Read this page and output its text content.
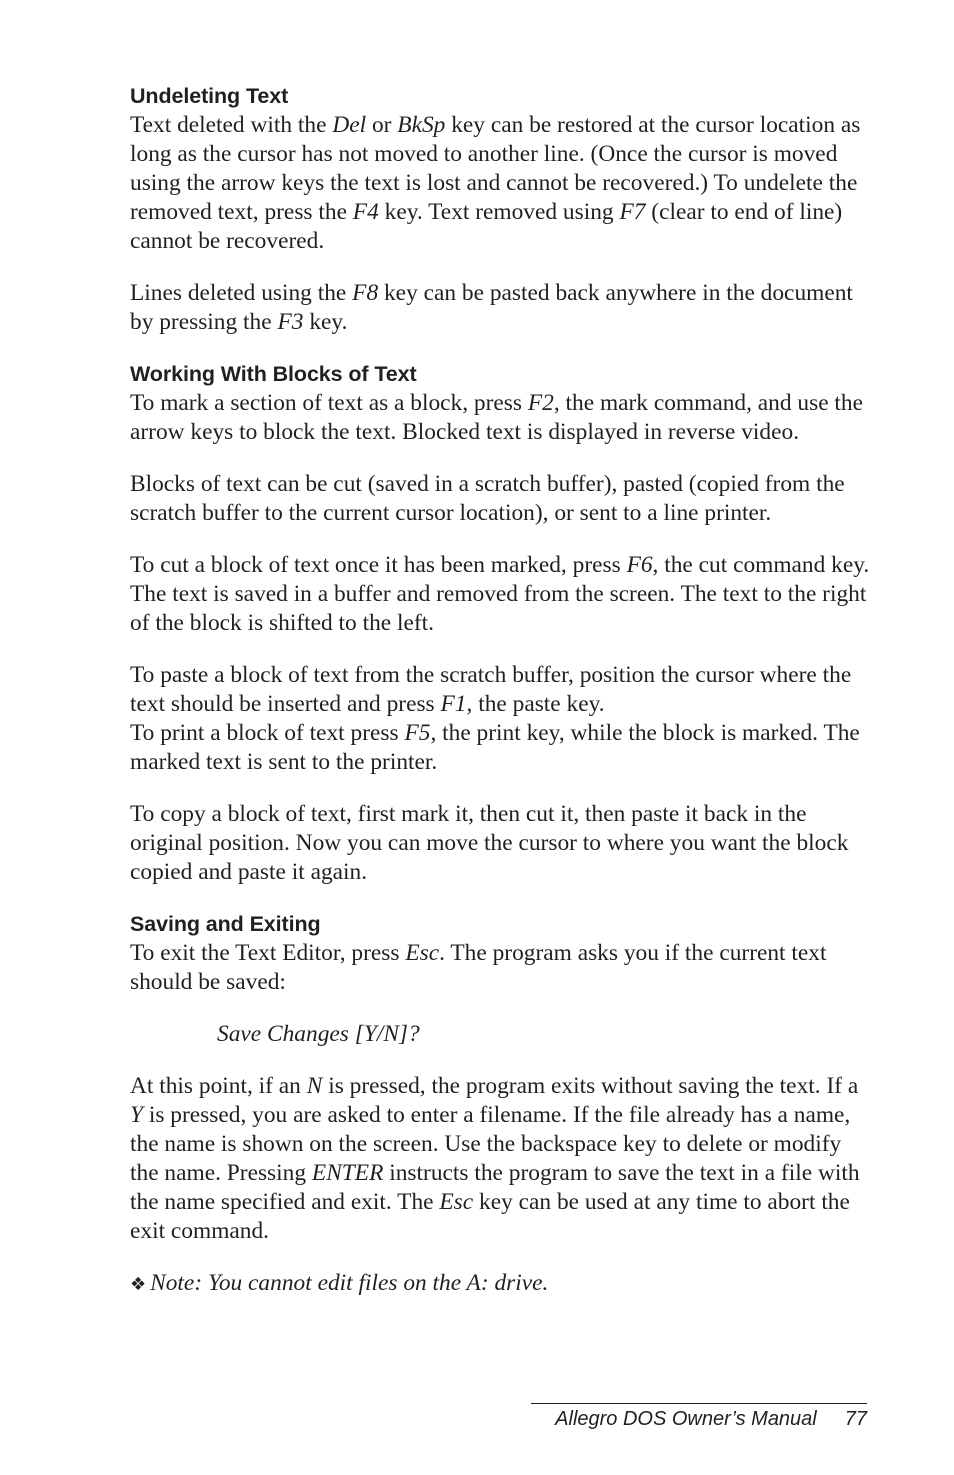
Undeleting Text

Text deleted with the Del or BkSp key can be restored at the cursor location as long as the cursor has not moved to another line. (Once the cursor is moved using the arrow keys the text is lost and cannot be recovered.) To undelete the removed text, press the F4 key. Text removed using F7 (clear to end of line) cannot be recovered.

Lines deleted using the F8 key can be pasted back anywhere in the document by pressing the F3 key.

Working With Blocks of Text

To mark a section of text as a block, press F2, the mark command, and use the arrow keys to block the text. Blocked text is displayed in reverse video.

Blocks of text can be cut (saved in a scratch buffer), pasted (copied from the scratch buffer to the current cursor location), or sent to a line printer.

To cut a block of text once it has been marked, press F6, the cut command key. The text is saved in a buffer and removed from the screen. The text to the right of the block is shifted to the left.

To paste a block of text from the scratch buffer, position the cursor where the text should be inserted and press F1, the paste key.
To print a block of text press F5, the print key, while the block is marked. The marked text is sent to the printer.

To copy a block of text, first mark it, then cut it, then paste it back in the original position. Now you can move the cursor to where you want the block copied and paste it again.

Saving and Exiting

To exit the Text Editor, press Esc. The program asks you if the current text should be saved:

Save Changes [Y/N]?

At this point, if an N is pressed, the program exits without saving the text. If a Y is pressed, you are asked to enter a filename. If the file already has a name, the name is shown on the screen. Use the backspace key to delete or modify the name. Pressing ENTER instructs the program to save the text in a file with the name specified and exit. The Esc key can be used at any time to abort the exit command.

❖ Note: You cannot edit files on the A: drive.
Allegro DOS Owner’s Manual 77
